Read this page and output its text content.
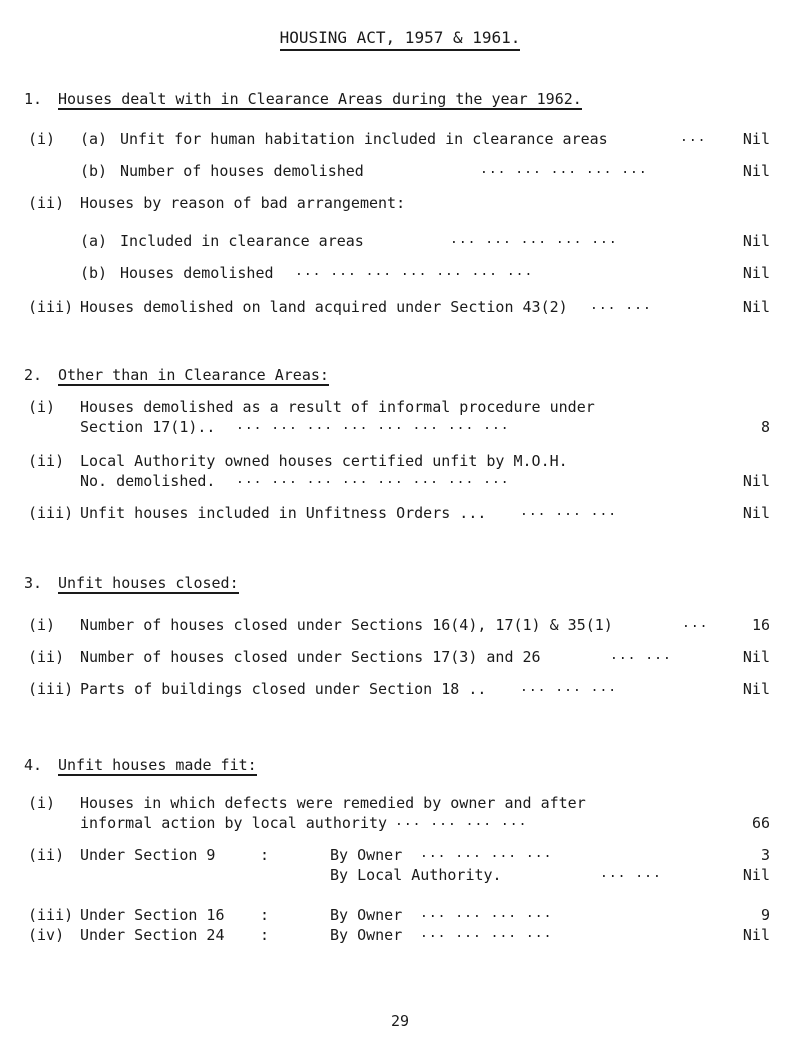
HOUSING ACT, 1957 & 1961.
1. Houses dealt with in Clearance Areas during the year 1962.
(i) (a) Unfit for human habitation included in clearance areas	... Nil
(b) Number of houses demolished	... ... ... ... ...	Nil
(ii) Houses by reason of bad arrangement:
(a) Included in clearance areas	... ... ... ... ...	Nil
(b) Houses demolished ... ... ... ... ... ... ...	Nil
(iii) Houses demolished on land acquired under Section 43(2) ... ...	Nil
2. Other than in Clearance Areas:
(i) Houses demolished as a result of informal procedure under
Section 17(1).. ... ... ... ... ... ... ... ...	8
(ii) Local Authority owned houses certified unfit by M.O.H.
No. demolished. ... ... ... ... ... ... ... ...	Nil
(iii) Unfit houses included in Unfitness Orders ...	... ... ...	Nil
3. Unfit houses closed:
(i) Number of houses closed under Sections 16(4), 17(1) & 35(1)	...	16
(ii) Number of houses closed under Sections 17(3) and 26	... ...	Nil
(iii) Parts of buildings closed under Section 18 ..	... ... ...	Nil
4. Unfit houses made fit:
(i) Houses in which defects were remedied by owner and after
informal action by local authority ... ... ... ...	66
(ii) Under Section 9	:	By Owner ... ... ... ...	3
By Local Authority.	... ...	Nil
(iii) Under Section 16 :	By Owner ... ... ... ...	9
(iv) Under Section 24 :	By Owner ... ... ... ...	Nil
29
